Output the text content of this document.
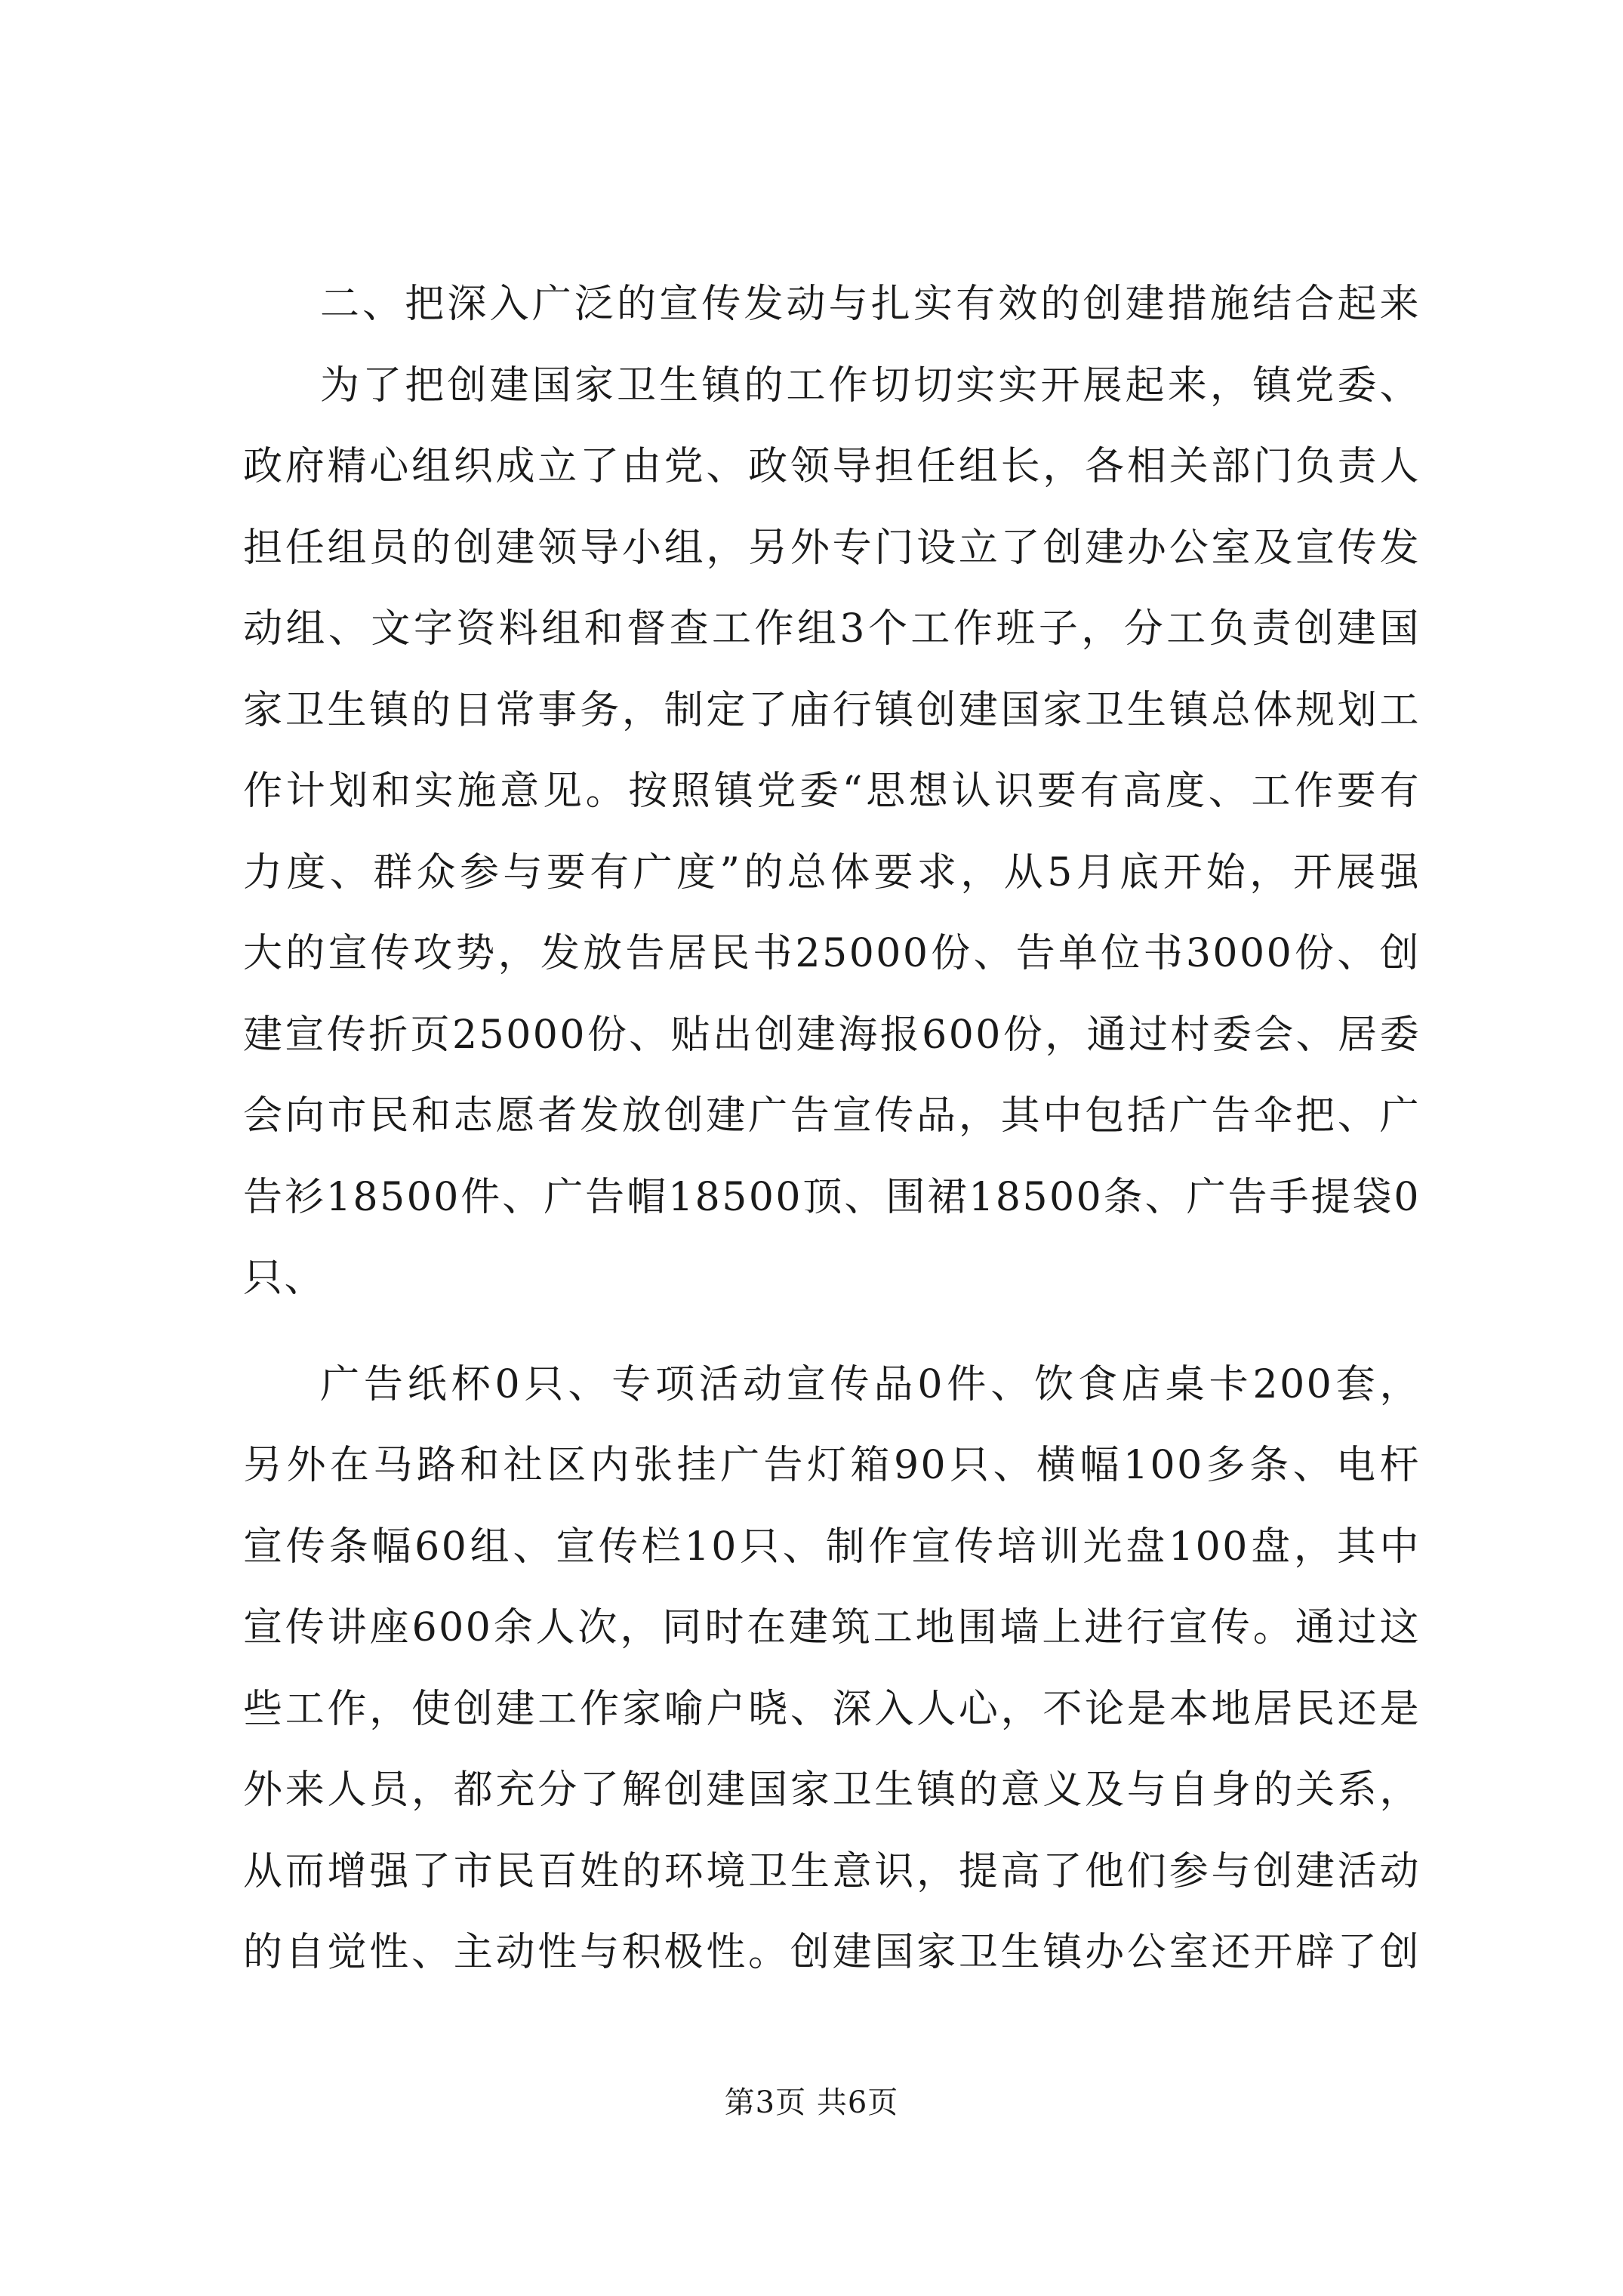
二、把深入广泛的宣传发动与扎实有效的创建措施结合起来
为了把创建国家卫生镇的工作切切实实开展起来，镇党委、
政府精心组织成立了由党、政领导担任组长，各相关部门负责人
担任组员的创建领导小组，另外专门设立了创建办公室及宣传发
动组、文字资料组和督查工作组3个工作班子，分工负责创建国
家卫生镇的日常事务，制定了庙行镇创建国家卫生镇总体规划工
作计划和实施意见。按照镇党委“思想认识要有高度、工作要有
力度、群众参与要有广度”的总体要求，从5月底开始，开展强
大的宣传攻势，发放告居民书25000份、告单位书3000份、创
建宣传折页25000份、贴出创建海报600份，通过村委会、居委
会向市民和志愿者发放创建广告宣传品，其中包括广告伞把、广
告衫18500件、广告帽18500顶、围裙18500条、广告手提袋0
只、
广告纸杯0只、专项活动宣传品0件、饮食店桌卡200套，
另外在马路和社区内张挂广告灯箱90只、横幅100多条、电杆
宣传条幅60组、宣传栏10只、制作宣传培训光盘100盘，其中
宣传讲座600余人次，同时在建筑工地围墙上进行宣传。通过这
些工作，使创建工作家喻户晓、深入人心，不论是本地居民还是
外来人员，都充分了解创建国家卫生镇的意义及与自身的关系，
从而增强了市民百姓的环境卫生意识，提高了他们参与创建活动
的自觉性、主动性与积极性。创建国家卫生镇办公室还开辟了创
第3页 共6页
